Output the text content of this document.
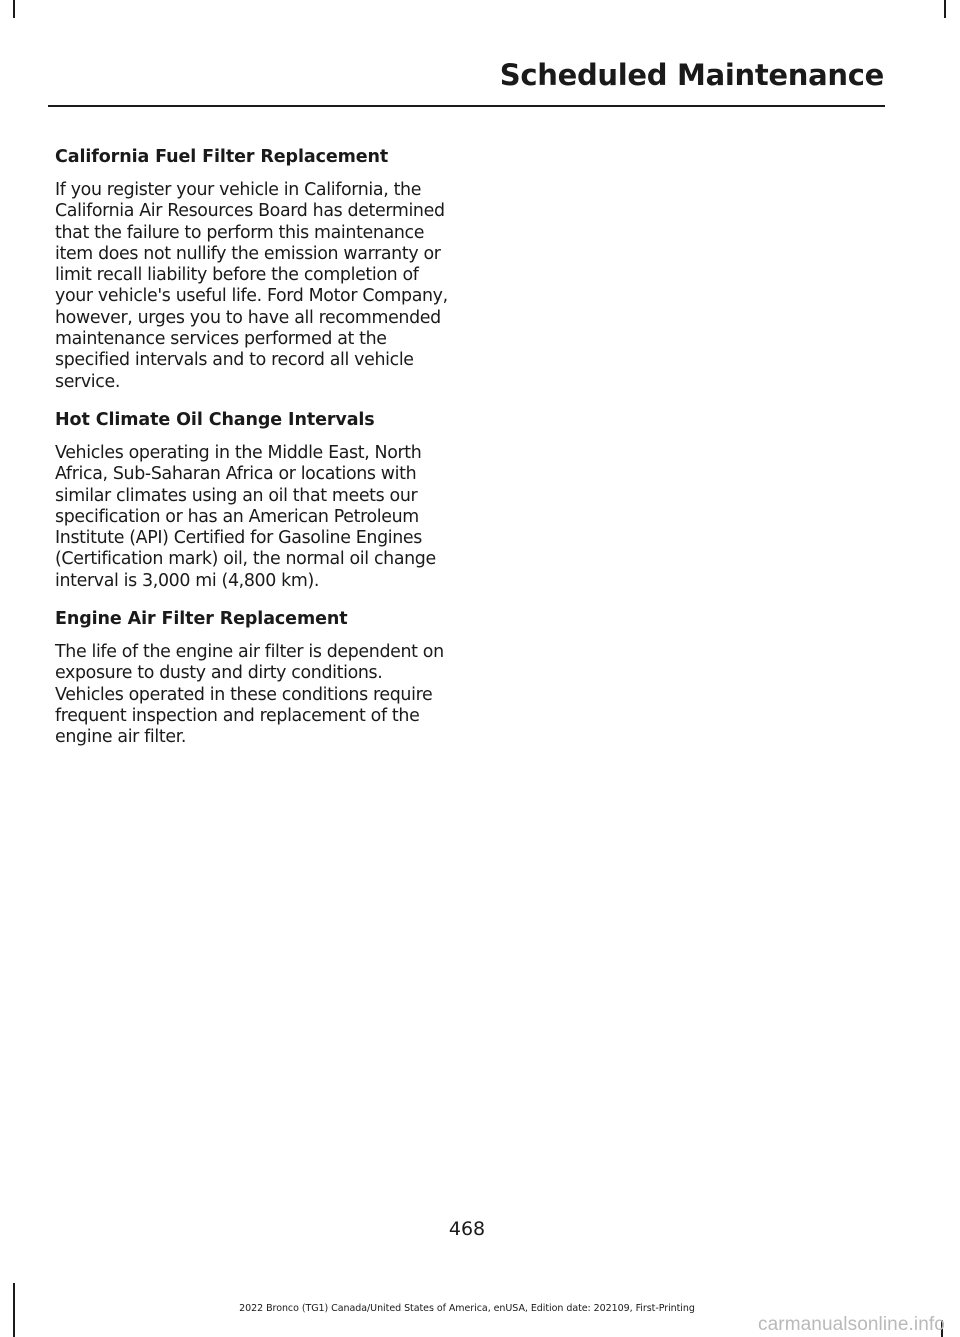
Scheduled Maintenance
California Fuel Filter Replacement

If you register your vehicle in California, the California Air Resources Board has determined that the failure to perform this maintenance item does not nullify the emission warranty or limit recall liability before the completion of your vehicle's useful life. Ford Motor Company, however, urges you to have all recommended maintenance services performed at the specified intervals and to record all vehicle service.

Hot Climate Oil Change Intervals

Vehicles operating in the Middle East, North Africa, Sub-Saharan Africa or locations with similar climates using an oil that meets our specification or has an American Petroleum Institute (API) Certified for Gasoline Engines (Certification mark) oil, the normal oil change interval is 3,000 mi (4,800 km).

Engine Air Filter Replacement

The life of the engine air filter is dependent on exposure to dusty and dirty conditions. Vehicles operated in these conditions require frequent inspection and replacement of the engine air filter.

468
2022 Bronco (TG1) Canada/United States of America, enUSA, Edition date: 202109, First-Printing
carmanualsonline.info
